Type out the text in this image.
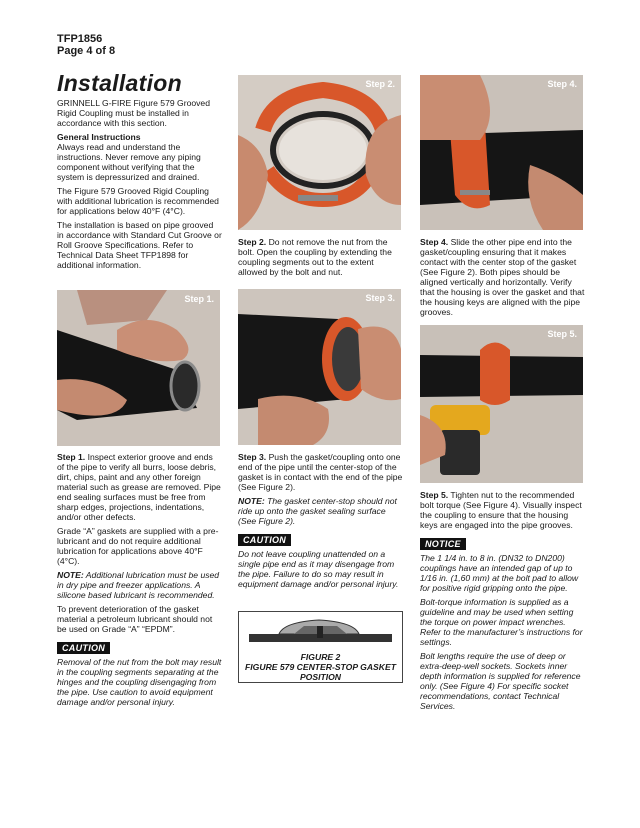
TFP1856
Page 4 of 8
Installation

GRINNELL G-FIRE Figure 579 Grooved Rigid Coupling must be installed in accordance with this section.

General Instructions

Always read and understand the instructions. Never remove any piping component without verifying that the system is depressurized and drained.

The Figure 579 Grooved Rigid Coupling with additional lubrication is recommended for applications below 40°F (4°C).

The installation is based on pipe grooved in accordance with Standard Cut Groove or Roll Groove Specifications. Refer to Technical Data Sheet TFP1898 for additional information.

Step 1.

Step 1. Inspect exterior groove and ends of the pipe to verify all burrs, loose debris, dirt, chips, paint and any other foreign material such as grease are removed. Pipe end sealing surfaces must be free from sharp edges, projections, indentations, and/or other defects.

Grade “A” gaskets are supplied with a pre-lubricant and do not require additional lubrication for applications above 40°F (4°C).

NOTE: Additional lubrication must be used in dry pipe and freezer applications. A silicone based lubricant is recommended.

To prevent deterioration of the gasket material a petroleum lubricant should not be used on Grade “A” “EPDM”.

CAUTION

Removal of the nut from the bolt may result in the coupling segments separating at the hinges and the coupling disengaging from the pipe. Use caution to avoid equipment damage and/or personal injury.

Step 2.

Step 2. Do not remove the nut from the bolt. Open the coupling by extending the coupling segments out to the extent allowed by the bolt and nut.

Step 3.

Step 3. Push the gasket/coupling onto one end of the pipe until the center-stop of the gasket is in contact with the end of the pipe (See Figure 2).

NOTE: The gasket center-stop should not ride up onto the gasket sealing surface (See Figure 2).

CAUTION

Do not leave coupling unattended on a single pipe end as it may disengage from the pipe. Failure to do so may result in equipment damage and/or personal injury.

FIGURE 2
FIGURE 579 CENTER-STOP GASKET POSITION
Step 4.

Step 4. Slide the other pipe end into the gasket/coupling ensuring that it makes contact with the center stop of the gasket (See Figure 2). Both pipes should be aligned vertically and horizontally. Verify that the housing is over the gasket and that the housing keys are aligned with the pipe grooves.

Step 5.

Step 5. Tighten nut to the recommended bolt torque (See Figure 4). Visually inspect the coupling to ensure that the housing keys are engaged into the pipe grooves.

NOTICE

The 1 1/4 in. to 8 in. (DN32 to DN200) couplings have an intended gap of up to 1/16 in. (1,60 mm) at the bolt pad to allow for positive rigid gripping onto the pipe.

Bolt-torque information is supplied as a guideline and may be used when setting the torque on power impact wrenches. Refer to the manufacturer’s instructions for settings.

Bolt lengths require the use of deep or extra-deep-well sockets. Sockets inner depth information is supplied for reference only. (See Figure 4) For specific socket recommendations, contact Technical Services.
